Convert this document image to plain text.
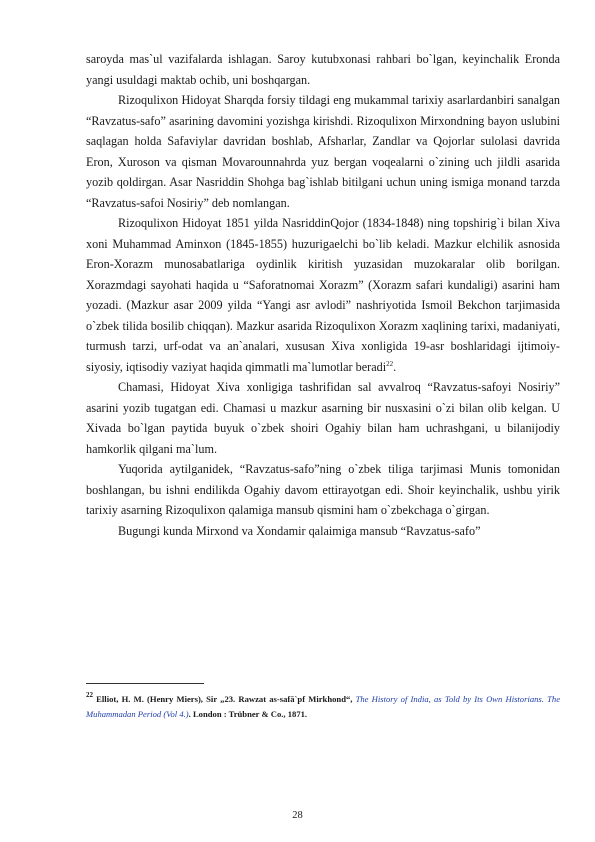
saroyda mas`ul vazifalarda ishlagan. Saroy kutubxonasi rahbari bo`lgan, keyinchalik Eronda yangi usuldagi maktab ochib, uni boshqargan.

Rizoqulixon Hidoyat Sharqda forsiy tildagi eng mukammal tarixiy asarlardanbiri sanalgan “Ravzatus-safo” asarining davomini yozishga kirishdi. Rizoqulixon Mirxondning bayon uslubini saqlagan holda Safaviylar davridan boshlab, Afsharlar, Zandlar va Qojorlar sulolasi davrida Eron, Xuroson va qisman Movarounnahrda yuz bergan voqealarni o`zining uch jildli asarida yozib qoldirgan. Asar Nasriddin Shohga bag`ishlab bitilgani uchun uning ismiga monand tarzda “Ravzatus-safoi Nosiriy” deb nomlangan.

Rizoqulixon Hidoyat 1851 yilda NasriddinQojor (1834-1848) ning topshirig`i bilan Xiva xoni Muhammad Aminxon (1845-1855) huzurigaelchi bo`lib keladi. Mazkur elchilik asnosida Eron-Xorazm munosabatlariga oydinlik kiritish yuzasidan muzokaralar olib borilgan. Xorazmdagi sayohati haqida u “Saforatnomai Xorazm” (Xorazm safari kundaligi) asarini ham yozadi. (Mazkur asar 2009 yilda “Yangi asr avlodi” nashriyotida Ismoil Bekchon tarjimasida o`zbek tilida bosilib chiqqan). Mazkur asarida Rizoqulixon Xorazm xaqlining tarixi, madaniyati, turmush tarzi, urf-odat va an`analari, xususan Xiva xonligida 19-asr boshlaridagi ijtimoiy-siyosiy, iqtisodiy vaziyat haqida qimmatli ma`lumotlar beradi$^{22}$.

Chamasi, Hidoyat Xiva xonligiga tashrifidan sal avvalroq “Ravzatus-safoyi Nosiriy” asarini yozib tugatgan edi. Chamasi u mazkur asarning bir nusxasini o`zi bilan olib kelgan. U Xivada bo`lgan paytida buyuk o`zbek shoiri Ogahiy bilan ham uchrashgani, u bilanijodiy hamkorlik qilgani ma`lum.

Yuqorida aytilganidek, “Ravzatus-safo”ning o`zbek tiliga tarjimasi Munis tomonidan boshlangan, bu ishni endilikda Ogahiy davom ettirayotgan edi. Shoir keyinchalik, ushbu yirik tarixiy asarning Rizoqulixon qalamiga mansub qismini ham o`zbekchaga o`girgan.

Bugungi kunda Mirxond va Xondamir qalaimiga mansub “Ravzatus-safo”

$^{22}$ Elliot, H. M. (Henry Miers), Sir „23. Rawzat as-safā`pf Mirkhond“, The History of India, as Told by Its Own Historians. The Muhammadan Period (Vol 4.). London : Trübner & Co., 1871.
28
